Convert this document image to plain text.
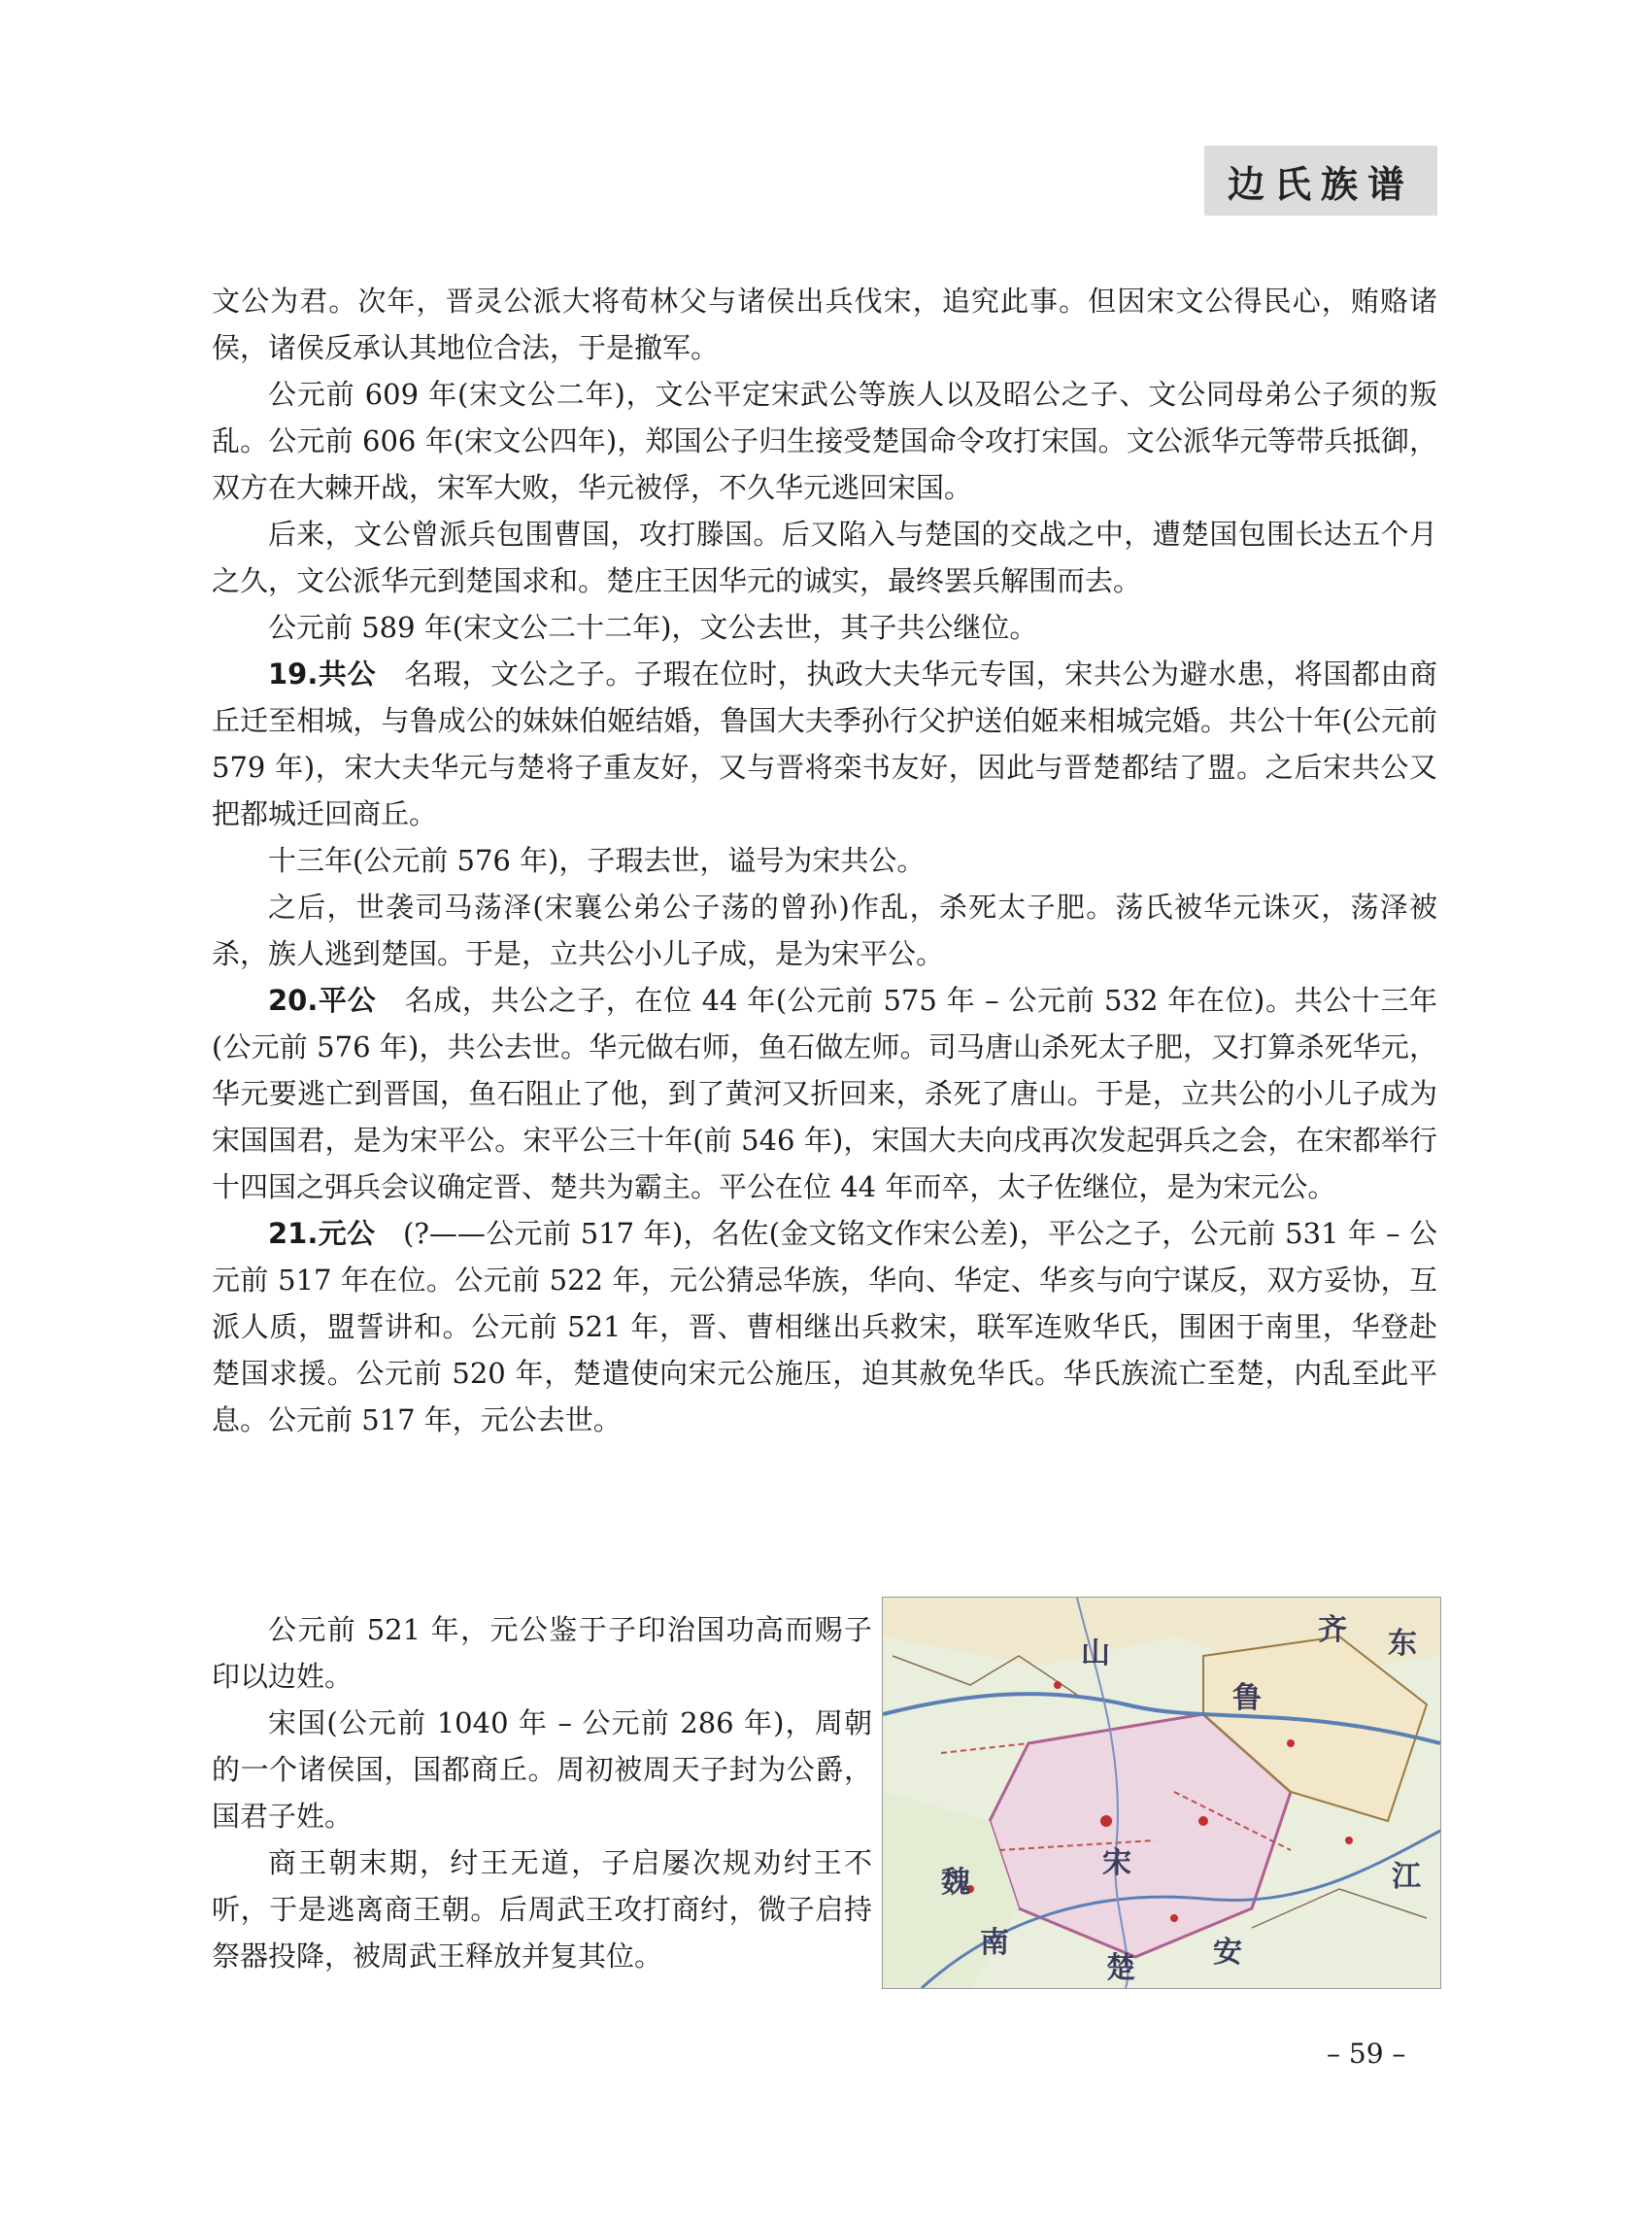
边氏族谱

文公为君。次年，晋灵公派大将荀林父与诸侯出兵伐宋，追究此事。但因宋文公得民心，贿赂诸侯，诸侯反承认其地位合法，于是撤军。

公元前 609 年(宋文公二年)，文公平定宋武公等族人以及昭公之子、文公同母弟公子须的叛乱。公元前 606 年(宋文公四年)，郑国公子归生接受楚国命令攻打宋国。文公派华元等带兵抵御，双方在大棘开战，宋军大败，华元被俘，不久华元逃回宋国。

后来，文公曾派兵包围曹国，攻打滕国。后又陷入与楚国的交战之中，遭楚国包围长达五个月之久，文公派华元到楚国求和。楚庄王因华元的诚实，最终罢兵解围而去。

公元前 589 年(宋文公二十二年)，文公去世，其子共公继位。

19.共公 名瑕，文公之子。子瑕在位时，执政大夫华元专国，宋共公为避水患，将国都由商丘迁至相城，与鲁成公的妹妹伯姬结婚，鲁国大夫季孙行父护送伯姬来相城完婚。共公十年(公元前 579 年)，宋大夫华元与楚将子重友好，又与晋将栾书友好，因此与晋楚都结了盟。之后宋共公又把都城迁回商丘。

十三年(公元前 576 年)，子瑕去世，谥号为宋共公。

之后，世袭司马荡泽(宋襄公弟公子荡的曾孙)作乱，杀死太子肥。荡氏被华元诛灭，荡泽被杀，族人逃到楚国。于是，立共公小儿子成，是为宋平公。

20.平公 名成，共公之子，在位 44 年(公元前 575 年 – 公元前 532 年在位)。共公十三年(公元前 576 年)，共公去世。华元做右师，鱼石做左师。司马唐山杀死太子肥，又打算杀死华元，华元要逃亡到晋国，鱼石阻止了他，到了黄河又折回来，杀死了唐山。于是，立共公的小儿子成为宋国国君，是为宋平公。宋平公三十年(前 546 年)，宋国大夫向戌再次发起弭兵之会，在宋都举行十四国之弭兵会议确定晋、楚共为霸主。平公在位 44 年而卒，太子佐继位，是为宋元公。

21.元公 (?——公元前 517 年)，名佐(金文铭文作宋公差)，平公之子，公元前 531 年 – 公元前 517 年在位。公元前 522 年，元公猜忌华族，华向、华定、华亥与向宁谋反，双方妥协，互派人质，盟誓讲和。公元前 521 年，晋、曹相继出兵救宋，联军连败华氏，围困于南里，华登赴楚国求援。公元前 520 年，楚遣使向宋元公施压，迫其赦免华氏。华氏族流亡至楚，内乱至此平息。公元前 517 年，元公去世。

公元前 521 年，元公鉴于子印治国功高而赐子印以边姓。

宋国(公元前 1040 年 – 公元前 286 年)，周朝的一个诸侯国，国都商丘。周初被周天子封为公爵，国君子姓。

商王朝末期，纣王无道，子启屡次规劝纣王不听，于是逃离商王朝。后周武王攻打商纣，微子启持祭器投降，被周武王释放并复其位。

齐 东
山
鲁
宋
楚	安
江
南
魏
– 59 –
